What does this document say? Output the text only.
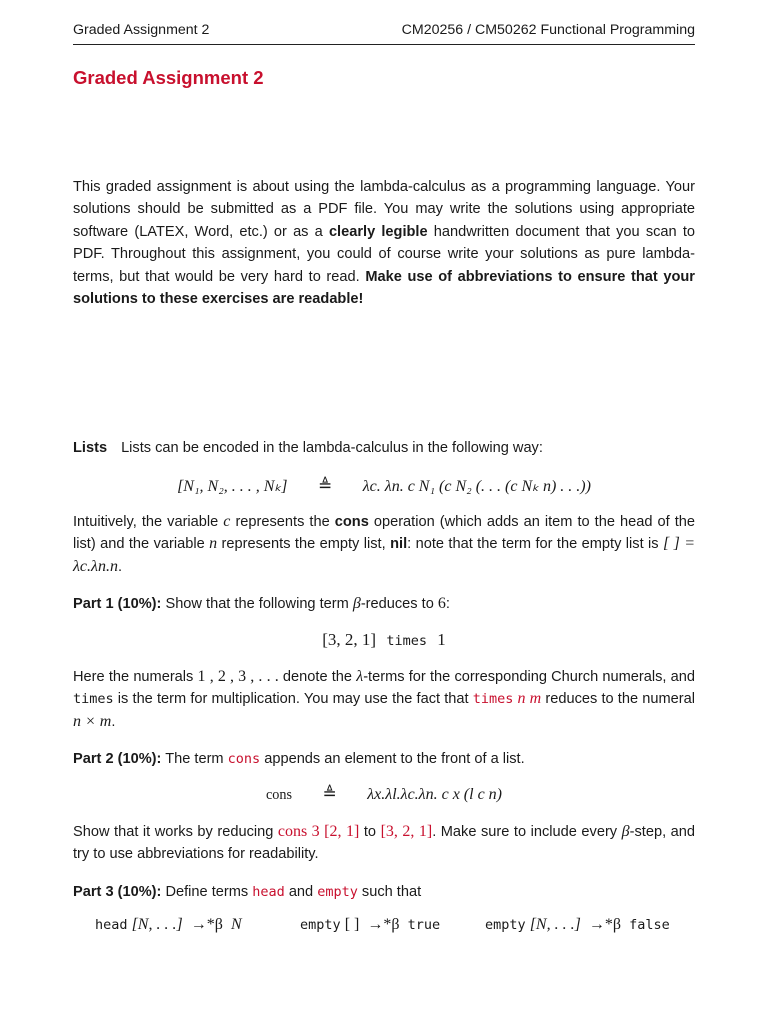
Graded Assignment 2	CM20256 / CM50262 Functional Programming
Graded Assignment 2
This graded assignment is about using the lambda-calculus as a programming language. Your solutions should be submitted as a PDF file. You may write the solutions using appropriate software (LATEX, Word, etc.) or as a clearly legible handwritten document that you scan to PDF. Throughout this assignment, you could of course write your solutions as pure lambda-terms, but that would be very hard to read. Make use of abbreviations to ensure that your solutions to these exercises are readable!
Lists Lists can be encoded in the lambda-calculus in the following way:
[N₁, N₂, . . . , Nₖ] ≜ λc. λn. c N₁ (c N₂ (. . . (c Nₖ n) . . .))
Intuitively, the variable c represents the cons operation (which adds an item to the head of the list) and the variable n represents the empty list, nil: note that the term for the empty list is [ ] = λc.λn.n.
Part 1 (10%): Show that the following term β-reduces to 6:
[3, 2, 1] times 1
Here the numerals 1 , 2 , 3 , . . . denote the λ-terms for the corresponding Church numerals, and times is the term for multiplication. You may use the fact that times n m reduces to the numeral n × m.
Part 2 (10%): The term cons appends an element to the front of a list.
cons ≜ λx.λl.λc.λn. c x (l c n)
Show that it works by reducing cons 3 [2, 1] to [3, 2, 1]. Make sure to include every β-step, and try to use abbreviations for readability.
Part 3 (10%): Define terms head and empty such that
head [N, . . .] →*β N	empty [ ] →*β true	empty [N, . . .] →*β false
